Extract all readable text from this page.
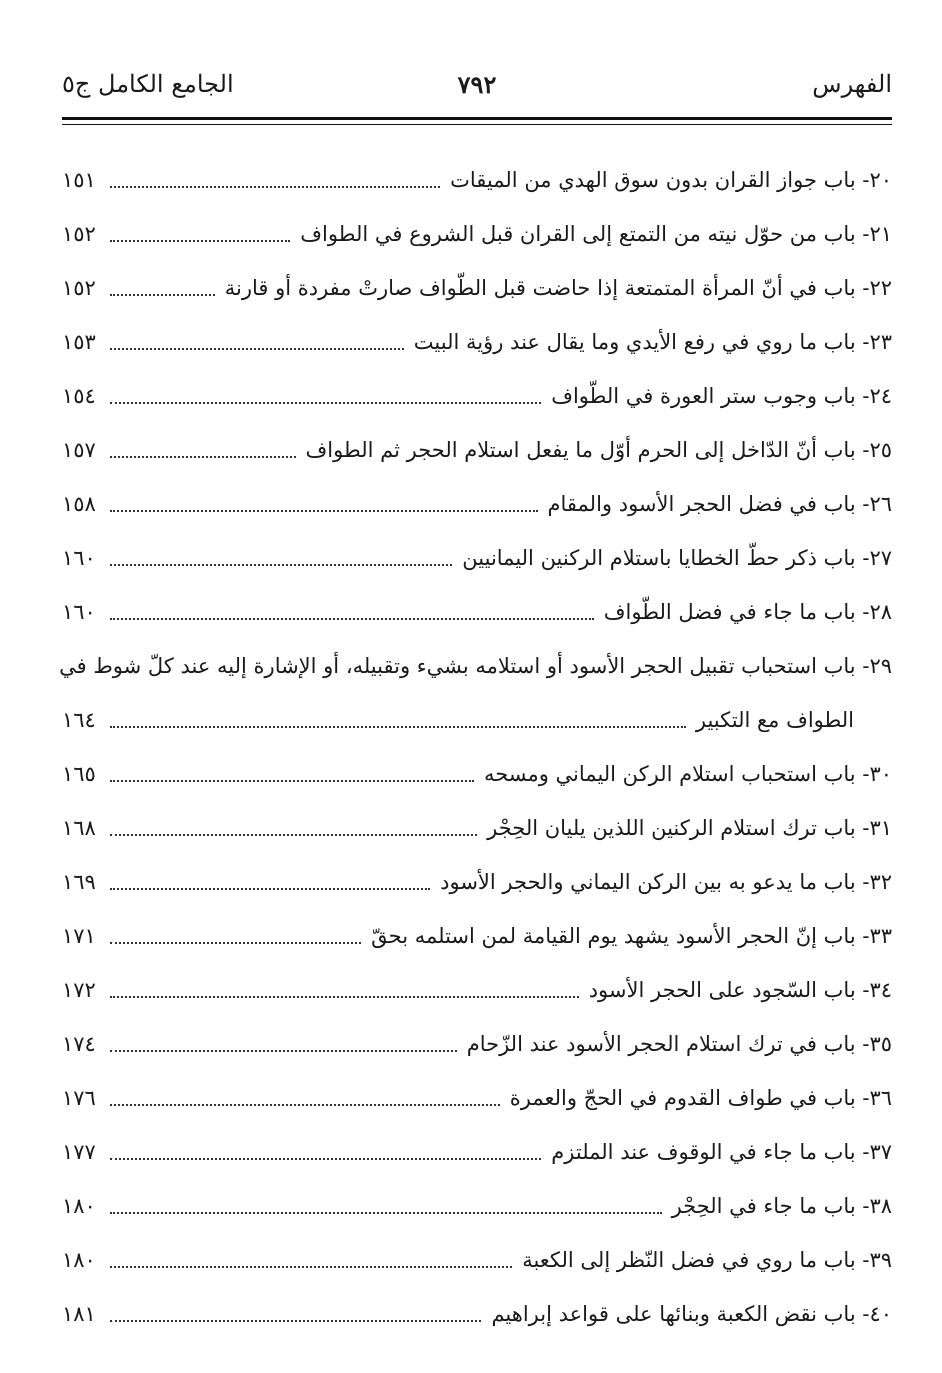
الفهرس
٧٩٢
الجامع الكامل ج٥
٢٠- باب جواز القران بدون سوق الهدي من الميقات
١٥١
٢١- باب من حوّل نيته من التمتع إلى القران قبل الشروع في الطواف
١٥٢
٢٢- باب في أنّ المرأة المتمتعة إذا حاضت قبل الطّواف صارتْ مفردة أو قارنة
١٥٢
٢٣- باب ما روي في رفع الأيدي وما يقال عند رؤية البيت
١٥٣
٢٤- باب وجوب ستر العورة في الطّواف
١٥٤
٢٥- باب أنّ الدّاخل إلى الحرم أوّل ما يفعل استلام الحجر ثم الطواف
١٥٧
٢٦- باب في فضل الحجر الأسود والمقام
١٥٨
٢٧- باب ذكر حطّ الخطايا باستلام الركنين اليمانيين
١٦٠
٢٨- باب ما جاء في فضل الطّواف
١٦٠
٢٩- باب استحباب تقبيل الحجر الأسود أو استلامه بشيء وتقبيله، أو الإشارة إليه عند كلّ شوط في
الطواف مع التكبير
١٦٤
٣٠- باب استحباب استلام الركن اليماني ومسحه
١٦٥
٣١- باب ترك استلام الركنين اللذين يليان الحِجْر
١٦٨
٣٢- باب ما يدعو به بين الركن اليماني والحجر الأسود
١٦٩
٣٣- باب إنّ الحجر الأسود يشهد يوم القيامة لمن استلمه بحقّ
١٧١
٣٤- باب السّجود على الحجر الأسود
١٧٢
٣٥- باب في ترك استلام الحجر الأسود عند الزّحام
١٧٤
٣٦- باب في طواف القدوم في الحجّ والعمرة
١٧٦
٣٧- باب ما جاء في الوقوف عند الملتزم
١٧٧
٣٨- باب ما جاء في الحِجْر
١٨٠
٣٩- باب ما روي في فضل النّظر إلى الكعبة
١٨٠
٤٠- باب نقض الكعبة وبنائها على قواعد إبراهيم
١٨١
